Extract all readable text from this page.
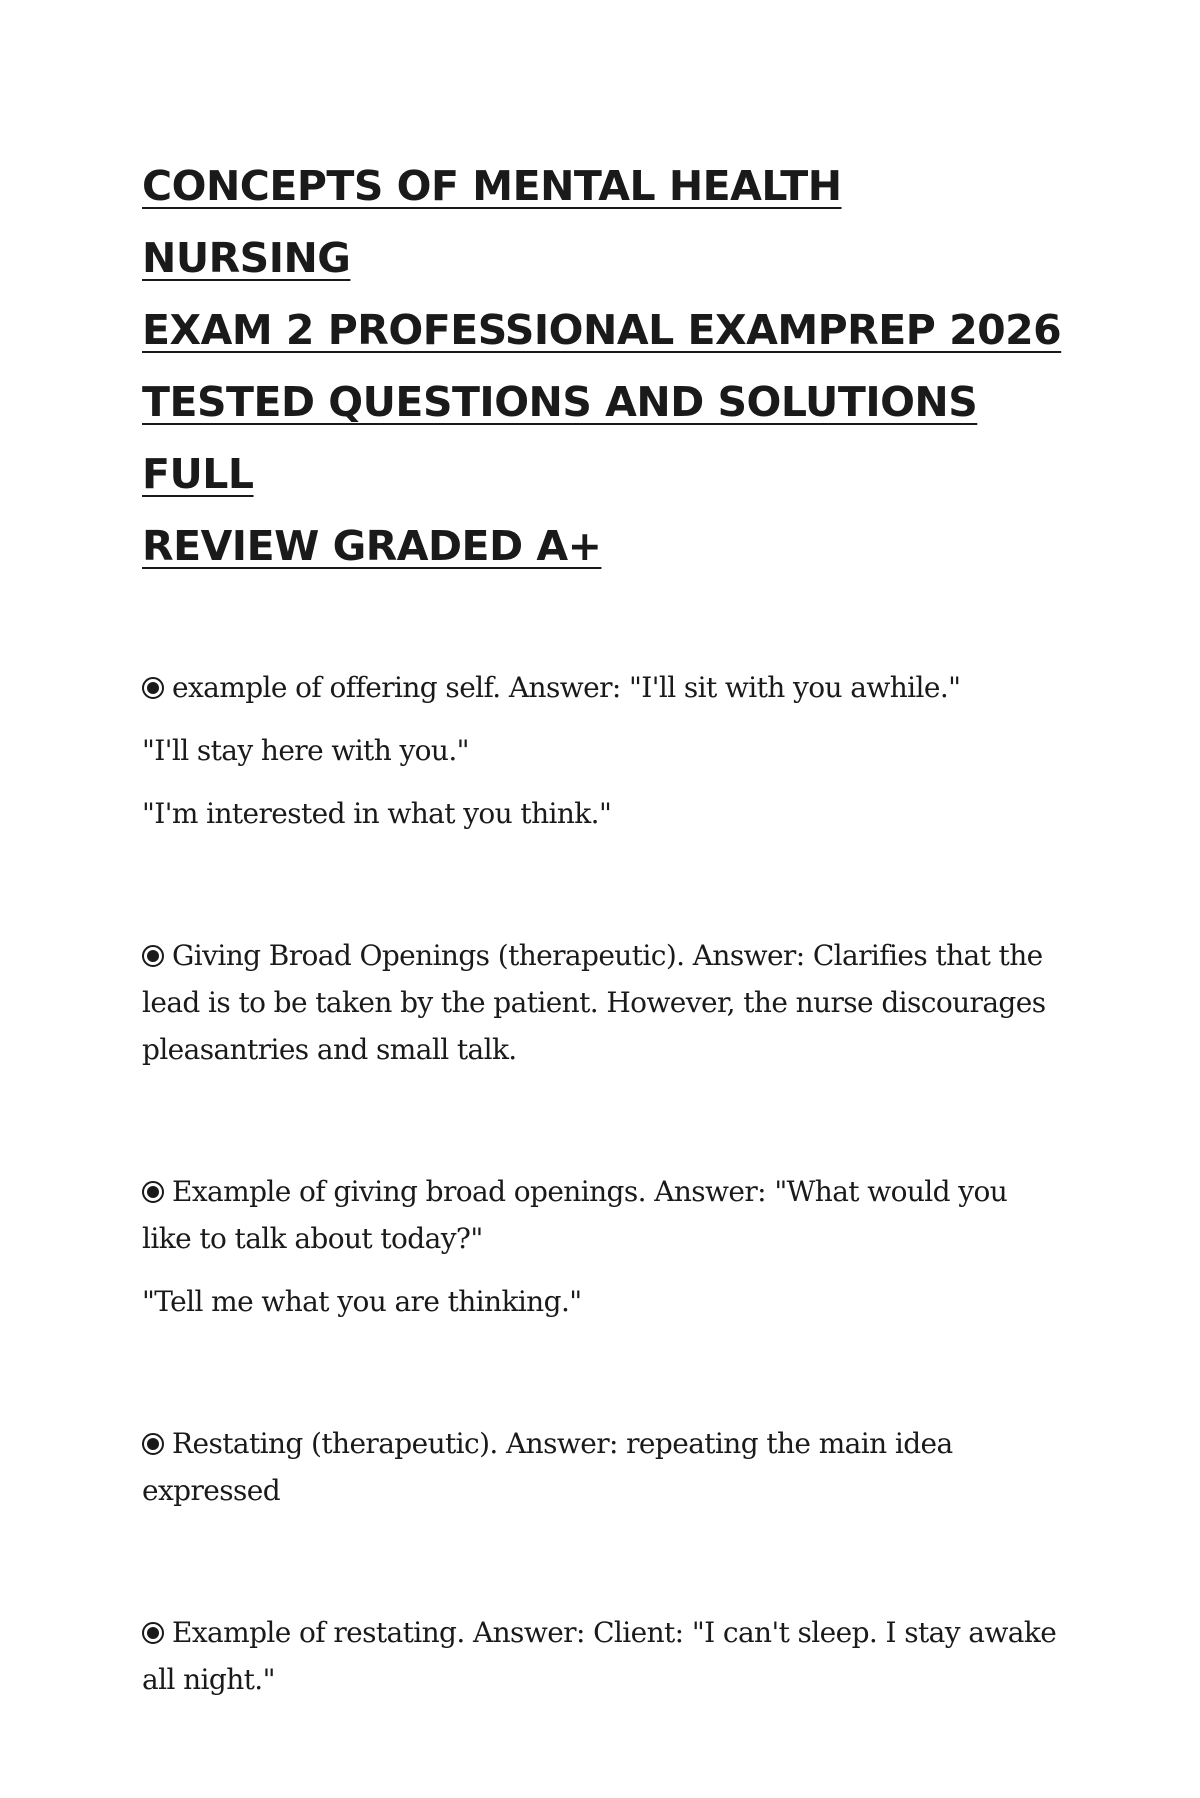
CONCEPTS OF MENTAL HEALTH NURSING
EXAM 2 PROFESSIONAL EXAMPREP 2026
TESTED QUESTIONS AND SOLUTIONS FULL
REVIEW GRADED A+

example of offering self. Answer: "I'll sit with you awhile."

"I'll stay here with you."

"I'm interested in what you think."

Giving Broad Openings (therapeutic). Answer: Clarifies that the lead is to be taken by the patient. However, the nurse discourages pleasantries and small talk.

Example of giving broad openings. Answer: "What would you like to talk about today?"

"Tell me what you are thinking."

Restating (therapeutic). Answer: repeating the main idea expressed

Example of restating. Answer: Client: "I can't sleep. I stay awake all night."
